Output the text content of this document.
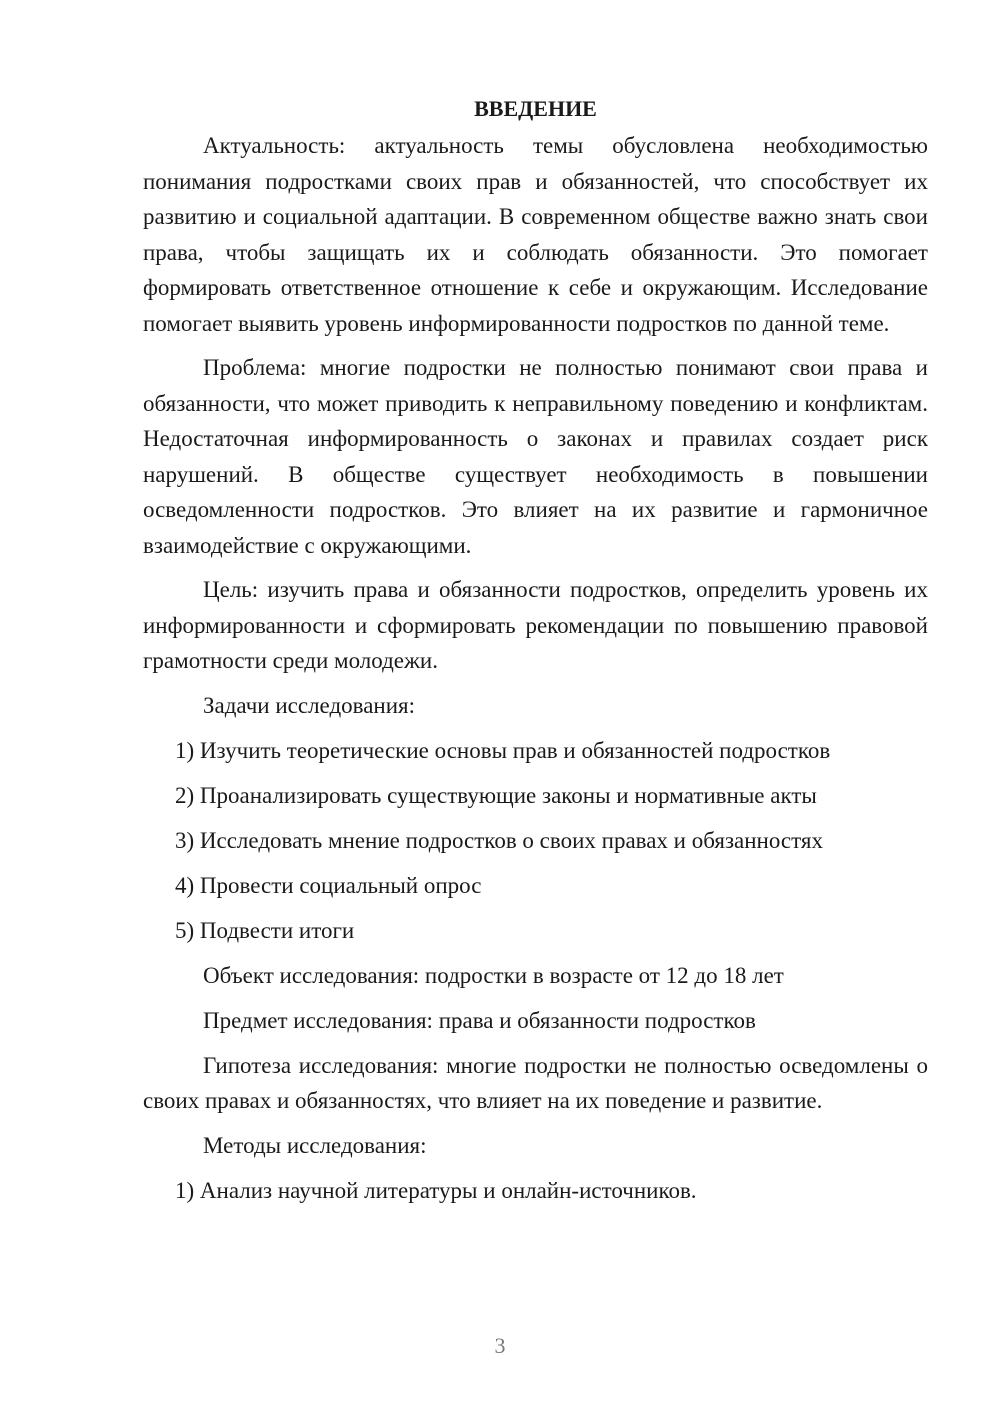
ВВЕДЕНИЕ

Актуальность: актуальность темы обусловлена необходимостью понимания подростками своих прав и обязанностей, что способствует их развитию и социальной адаптации. В современном обществе важно знать свои права, чтобы защищать их и соблюдать обязанности. Это помогает формировать ответственное отношение к себе и окружающим. Исследование помогает выявить уровень информированности подростков по данной теме.

Проблема: многие подростки не полностью понимают свои права и обязанности, что может приводить к неправильному поведению и конфликтам. Недостаточная информированность о законах и правилах создает риск нарушений. В обществе существует необходимость в повышении осведомленности подростков. Это влияет на их развитие и гармоничное взаимодействие с окружающими.

Цель: изучить права и обязанности подростков, определить уровень их информированности и сформировать рекомендации по повышению правовой грамотности среди молодежи.

Задачи исследования:
1) Изучить теоретические основы прав и обязанностей подростков
2) Проанализировать существующие законы и нормативные акты
3) Исследовать мнение подростков о своих правах и обязанностях
4) Провести социальный опрос
5) Подвести итоги
Объект исследования: подростки в возрасте от 12 до 18 лет
Предмет исследования: права и обязанности подростков

Гипотеза исследования: многие подростки не полностью осведомлены о своих правах и обязанностях, что влияет на их поведение и развитие.

Методы исследования:
1) Анализ научной литературы и онлайн-источников.
3
